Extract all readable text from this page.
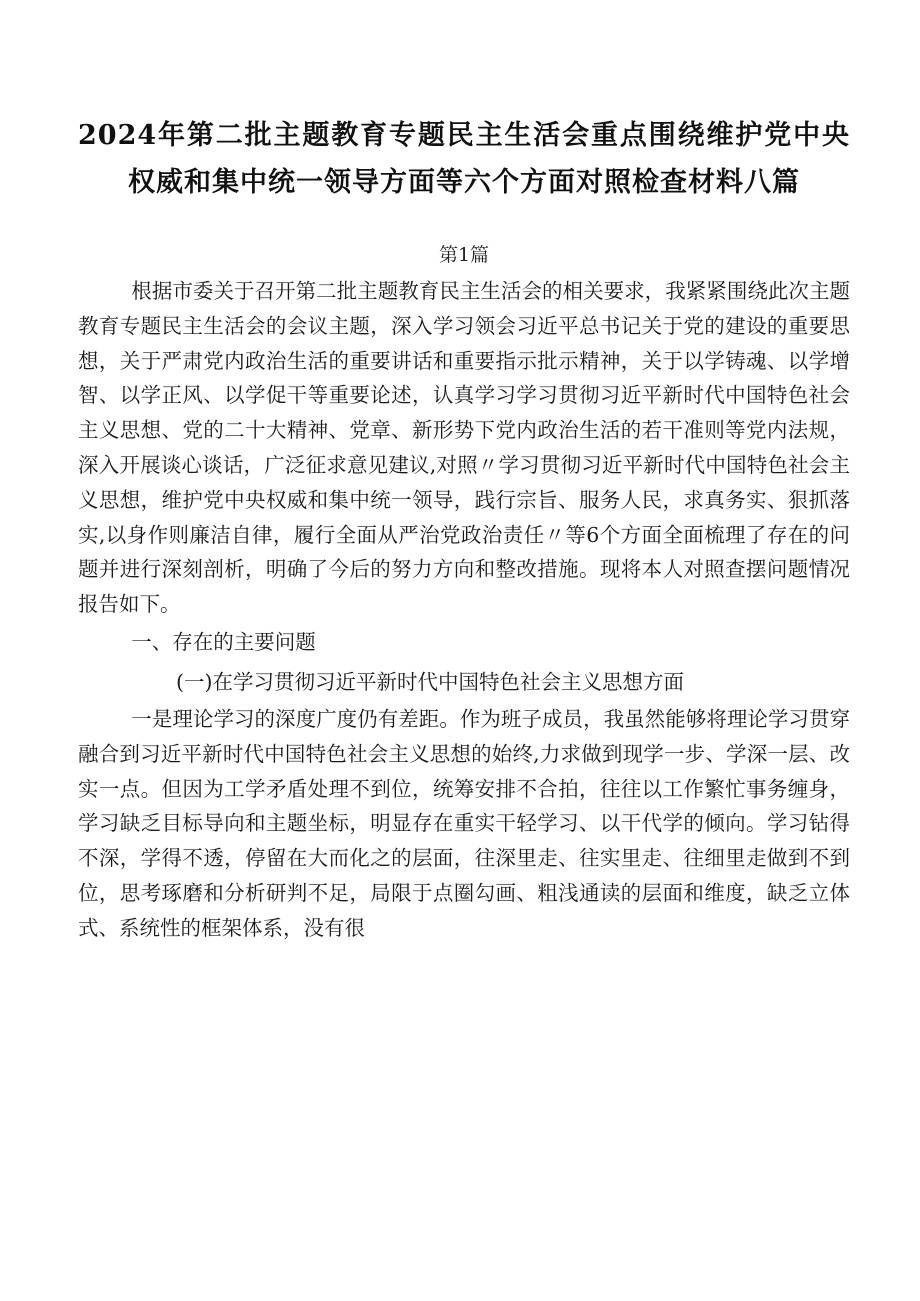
2024年第二批主题教育专题民主生活会重点围绕维护党中央权威和集中统一领导方面等六个方面对照检查材料八篇
第1篇

根据市委关于召开第二批主题教育民主生活会的相关要求，我紧紧围绕此次主题教育专题民主生活会的会议主题，深入学习领会习近平总书记关于党的建设的重要思想，关于严肃党内政治生活的重要讲话和重要指示批示精神，关于以学铸魂、以学增智、以学正风、以学促干等重要论述，认真学习学习贯彻习近平新时代中国特色社会主义思想、党的二十大精神、党章、新形势下党内政治生活的若干准则等党内法规，深入开展谈心谈话，广泛征求意见建议,对照〃学习贯彻习近平新时代中国特色社会主义思想，维护党中央权威和集中统一领导，践行宗旨、服务人民，求真务实、狠抓落实,以身作则廉洁自律，履行全面从严治党政治责任〃等6个方面全面梳理了存在的问题并进行深刻剖析，明确了今后的努力方向和整改措施。现将本人对照查摆问题情况报告如下。

一、存在的主要问题

(一)在学习贯彻习近平新时代中国特色社会主义思想方面

一是理论学习的深度广度仍有差距。作为班子成员，我虽然能够将理论学习贯穿融合到习近平新时代中国特色社会主义思想的始终,力求做到现学一步、学深一层、改实一点。但因为工学矛盾处理不到位，统筹安排不合拍，往往以工作繁忙事务缠身，学习缺乏目标导向和主题坐标，明显存在重实干轻学习、以干代学的倾向。学习钻得不深，学得不透，停留在大而化之的层面，往深里走、往实里走、往细里走做到不到位，思考琢磨和分析研判不足，局限于点圈勾画、粗浅通读的层面和维度，缺乏立体式、系统性的框架体系，没有很
